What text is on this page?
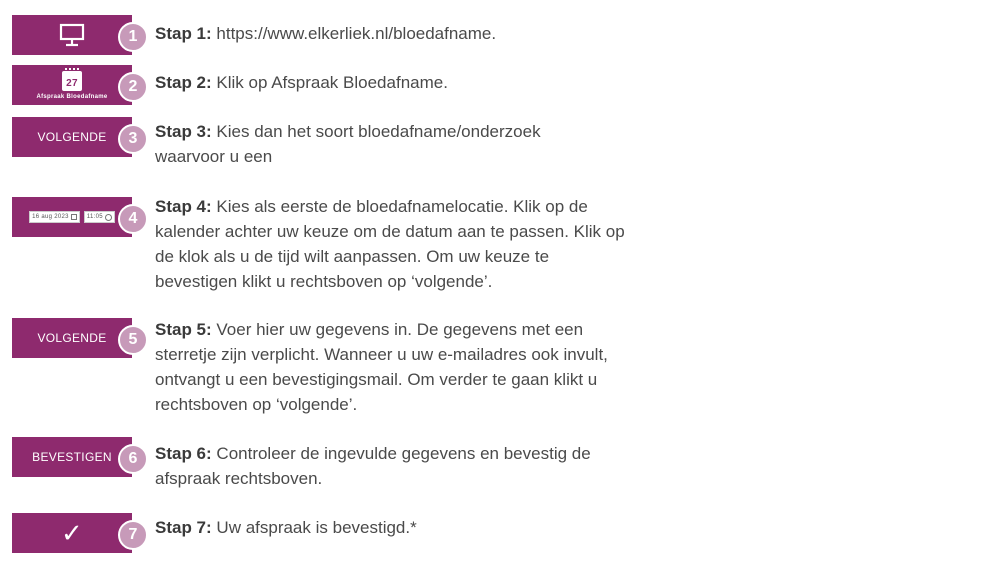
1	Stap 1: https://www.elkerliek.nl/bloedafname.
27
Afspraak Bloedafname
2	Stap 2: Klik op Afspraak Bloedafname.
VOLGENDE	3	Stap 3: Kies dan het soort bloedafname/onderzoek waarvoor u een
16 aug 2023	11:05	4
Stap 4: Kies als eerste de bloedafnamelocatie. Klik op de kalender achter uw keuze om de datum aan te passen. Klik op de klok als u de tijd wilt aanpassen. Om uw keuze te bevestigen klikt u rechtsboven op ‘volgende’.
VOLGENDE	5
Stap 5: Voer hier uw gegevens in. De gegevens met een sterretje zijn verplicht. Wanneer u uw e-mailadres ook invult, ontvangt u een bevestigingsmail. Om verder te gaan klikt u rechtsboven op ‘volgende’.
BEVESTIGEN	6	Stap 6: Controleer de ingevulde gegevens en bevestig de afspraak rechtsboven.
✓	7	Stap 7: Uw afspraak is bevestigd.*
